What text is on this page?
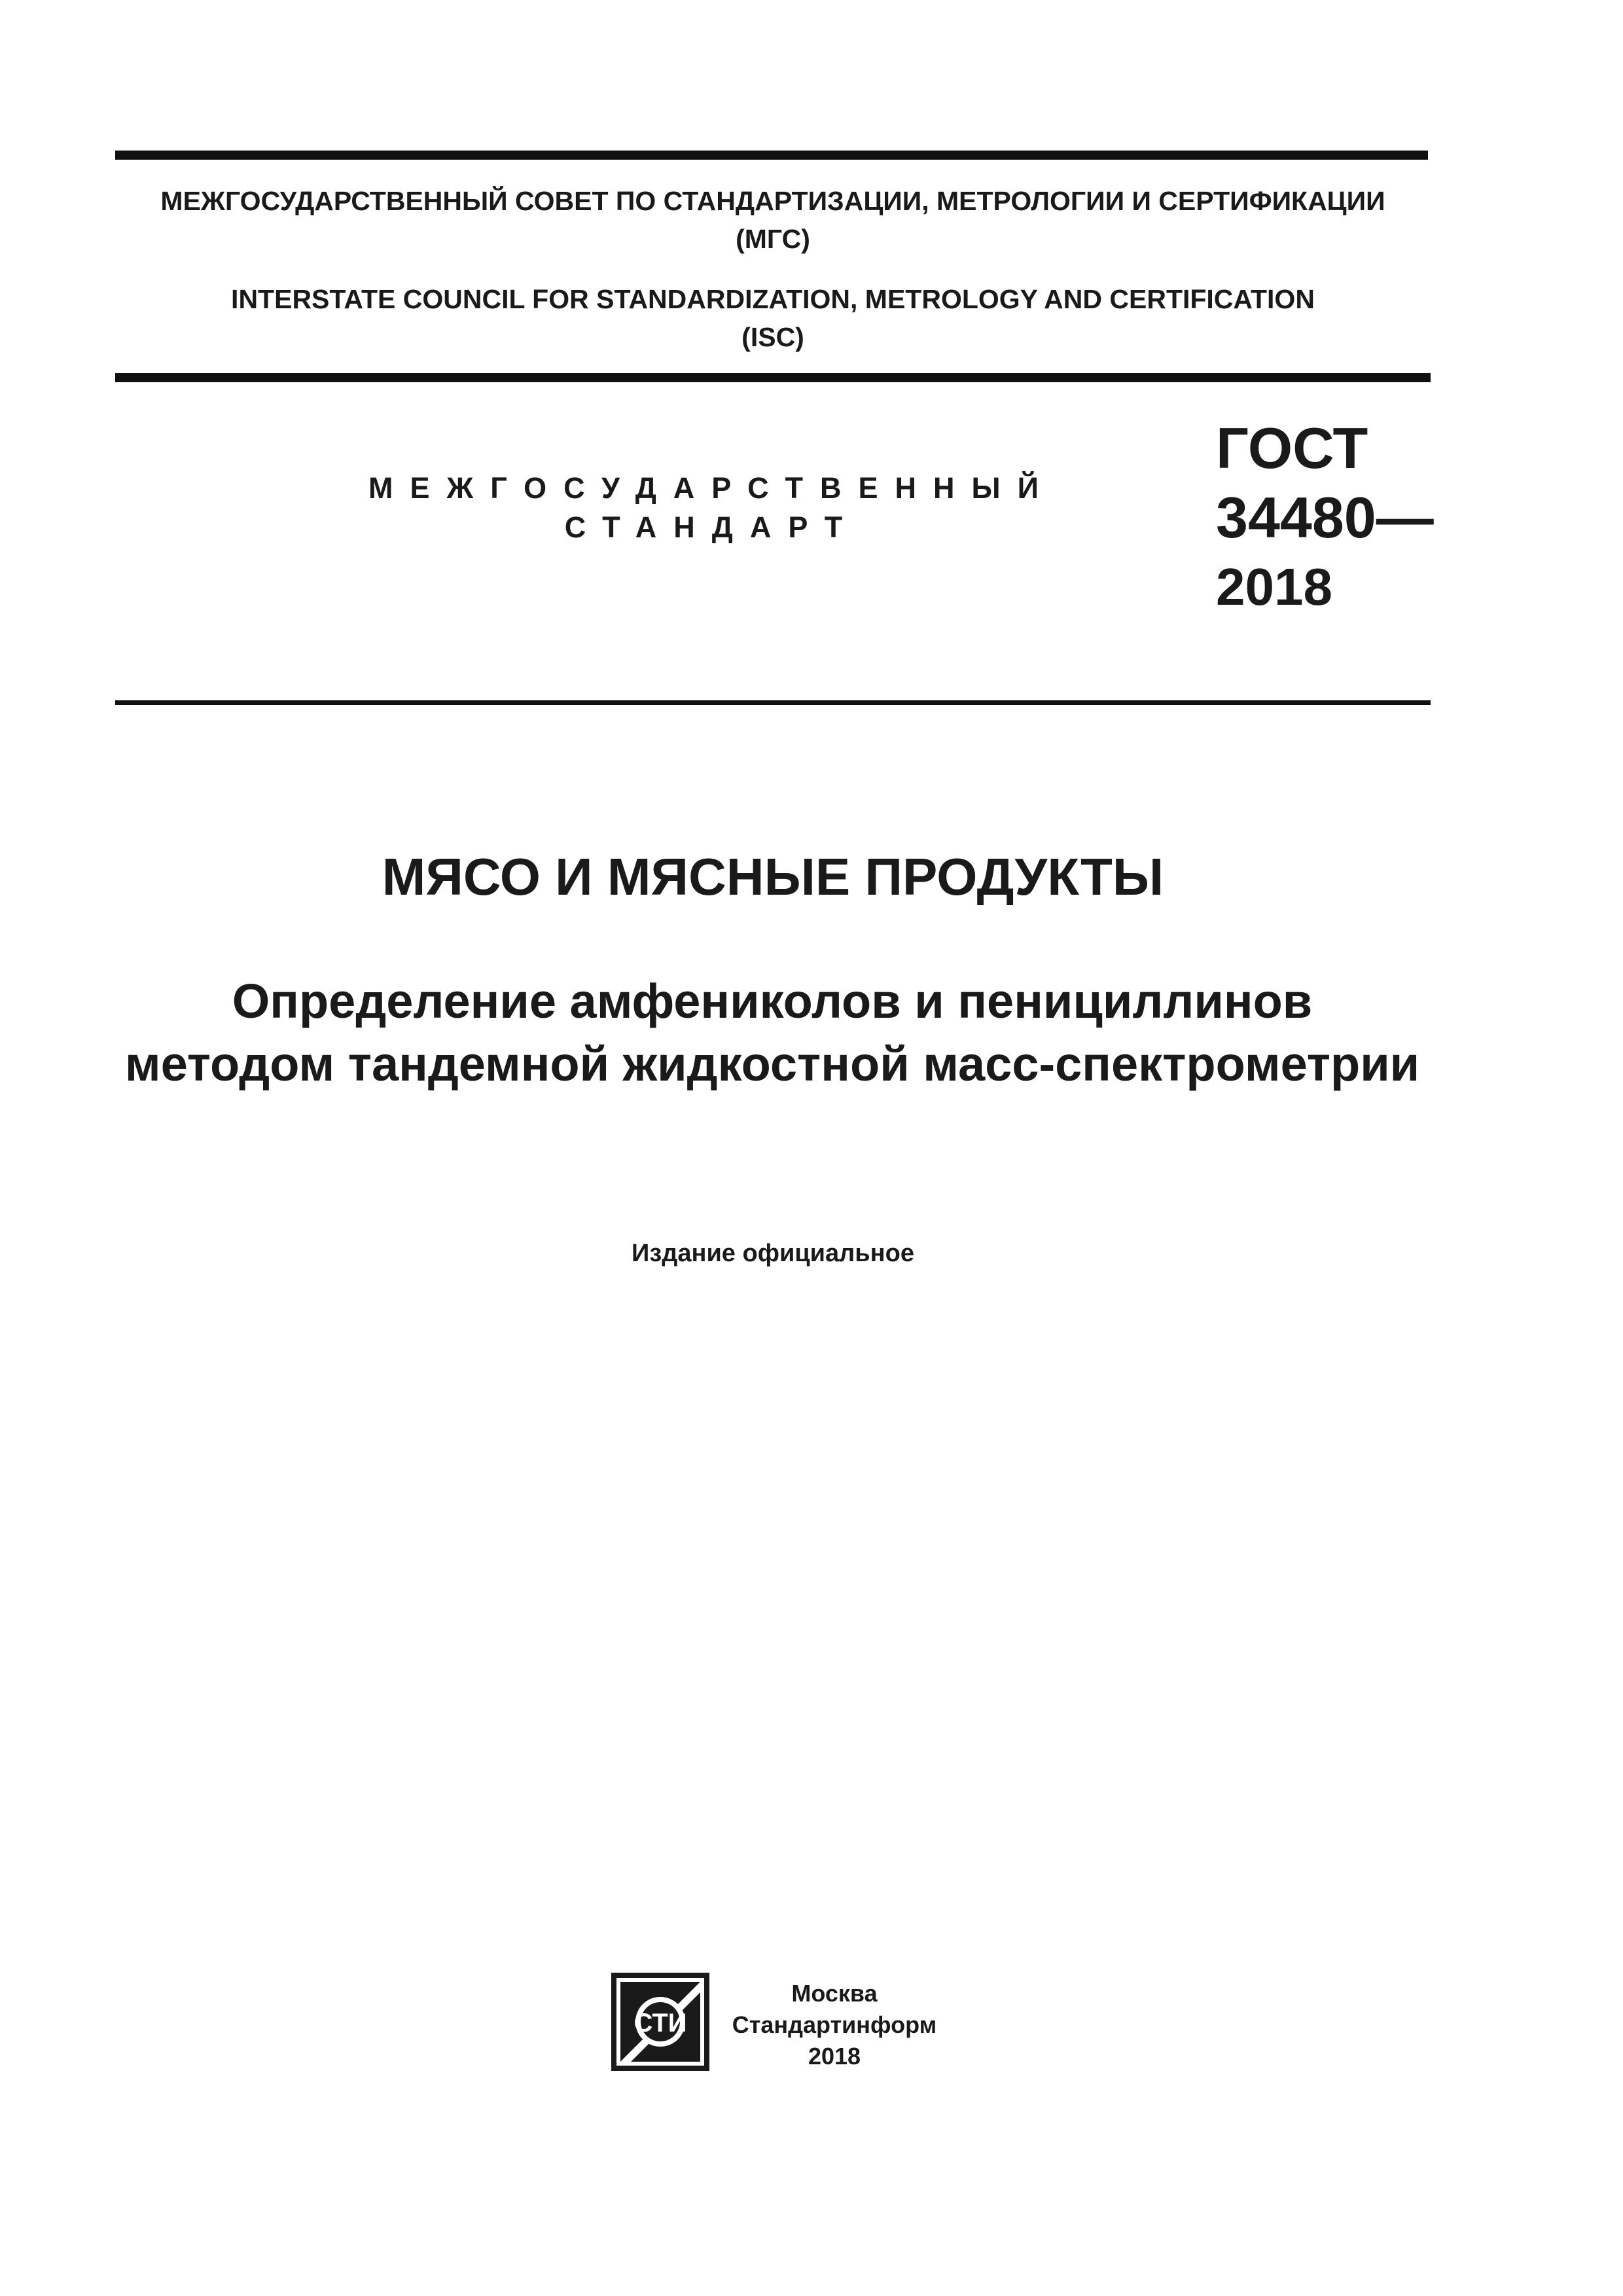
МЕЖГОСУДАРСТВЕННЫЙ СОВЕТ ПО СТАНДАРТИЗАЦИИ, МЕТРОЛОГИИ И СЕРТИФИКАЦИИ
(МГС)
INTERSTATE COUNCIL FOR STANDARDIZATION, METROLOGY AND CERTIFICATION
(ISC)
МЕЖГОСУДАРСТВЕННЫЙ
СТАНДАРТ
ГОСТ
34480—
2018
МЯСО И МЯСНЫЕ ПРОДУКТЫ
Определение амфениколов и пенициллинов
методом тандемной жидкостной масс-спектрометрии
Издание официальное
СТИ
Москва
Стандартинформ
2018
